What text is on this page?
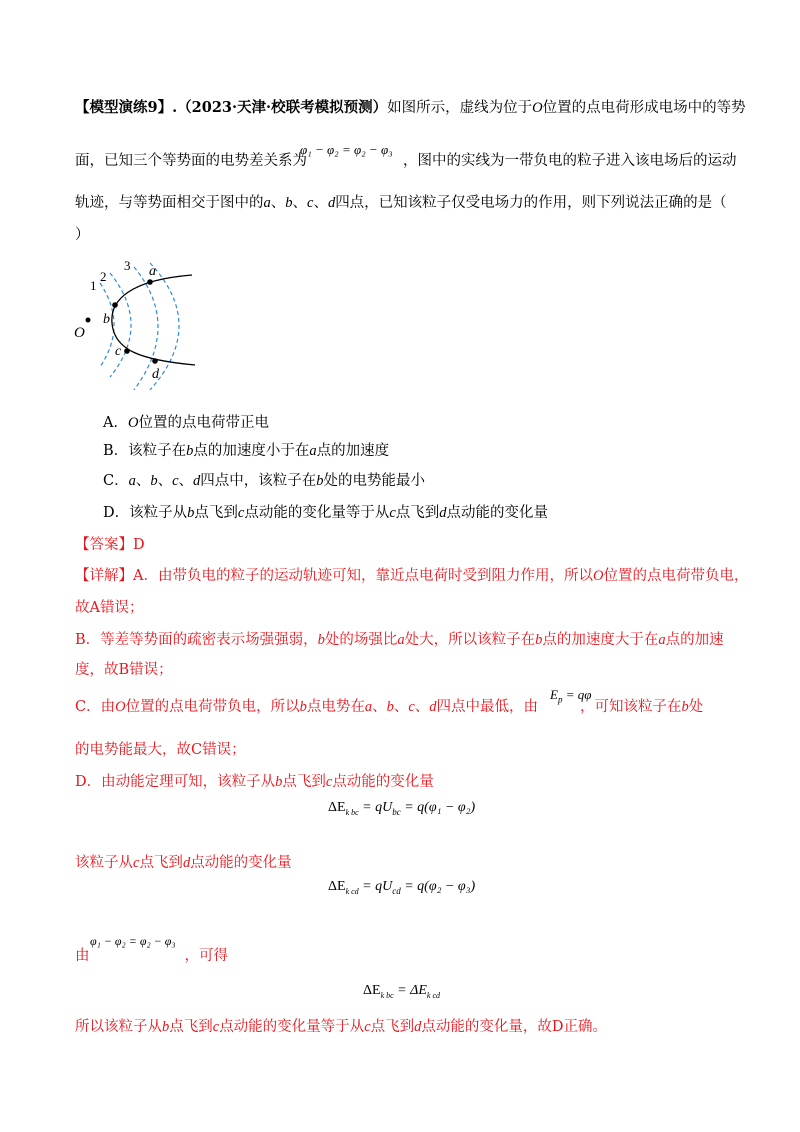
【模型演练9】.（2023·天津·校联考模拟预测）如图所示，虚线为位于O位置的点电荷形成电场中的等势
φ₁ − φ₂ = φ₂ − φ₃
面，已知三个等势面的电势差关系为	，图中的实线为一带负电的粒子进入该电场后的运动
轨迹，与等势面相交于图中的a、b、c、d四点，已知该粒子仅受电场力的作用，则下列说法正确的是（
）
1
2
3 a
b
c
d
O
A．O位置的点电荷带正电
B．该粒子在b点的加速度小于在a点的加速度
C．a、b、c、d四点中，该粒子在b处的电势能最小
D．该粒子从b点飞到c点动能的变化量等于从c点飞到d点动能的变化量
【答案】D
【详解】A．由带负电的粒子的运动轨迹可知，靠近点电荷时受到阻力作用，所以O位置的点电荷带负电，
故A错误；
B．等差等势面的疏密表示场强强弱，b处的场强比a处大，所以该粒子在b点的加速度大于在a点的加速
度，故B错误；
$E_p = q\varphi$
C．由O位置的点电荷带负电，所以b点电势在a、b、c、d四点中最低，由	，可知该粒子在b处
的电势能最大，故C错误；
D．由动能定理可知，该粒子从b点飞到c点动能的变化量
$\Delta E_{k bc} = qU_{bc} = q(\varphi_1 - \varphi_2)$
该粒子从c点飞到d点动能的变化量
$\Delta E_{k cd} = qU_{cd} = q(\varphi_2 - \varphi_3)$
φ₁ − φ₂ = φ₂ − φ₃
由	，可得
$\Delta E_{k bc} = \Delta E_{k cd}$
所以该粒子从b点飞到c点动能的变化量等于从c点飞到d点动能的变化量，故D正确。
